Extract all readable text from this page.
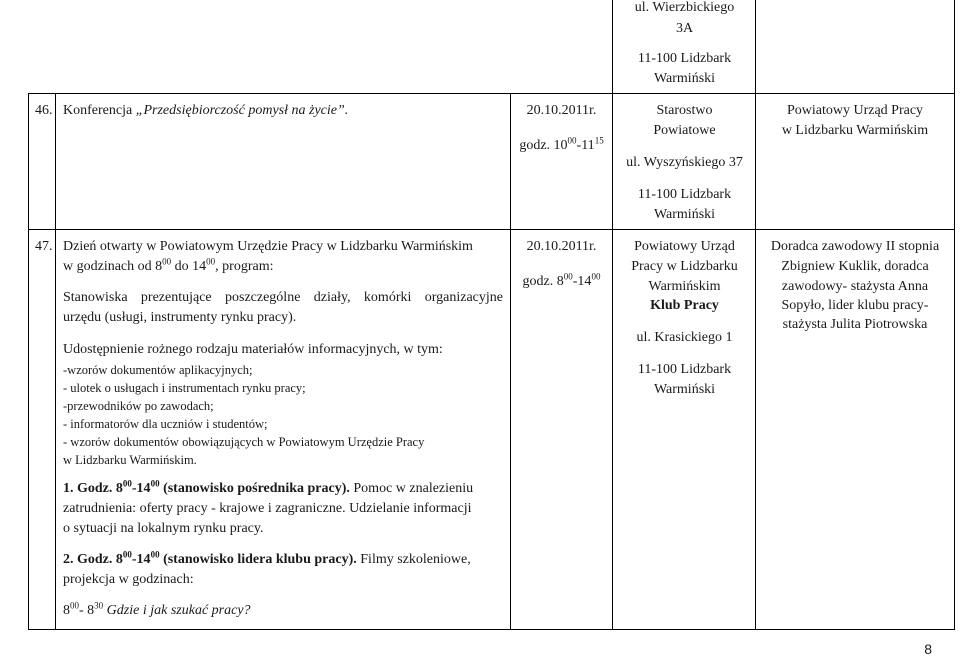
ul. Wierzbickiego
3A
11-100 Lidzbark
Warmiński
46. Konferencja „Przedsiębiorczość pomysł na życie”.	20.10.2011r.
godz. $10^{00}-11^{15}$
Starostwo
Powiatowe
ul. Wyszyńskiego 37
11-100 Lidzbark
Warmiński
Powiatowy Urząd Pracy
w Lidzbarku Warmińskim
47. Dzień otwarty w Powiatowym Urzędzie Pracy w Lidzbarku Warmińskim
w godzinach od $8^{00}$ do $14^{00}$, program:
Stanowiska prezentujące poszczególne działy, komórki organizacyjne
urzędu (usługi, instrumenty rynku pracy).
Udostępnienie rożnego rodzaju materiałów informacyjnych, w tym:
-wzorów dokumentów aplikacyjnych;
- ulotek o usługach i instrumentach rynku pracy;
-przewodników po zawodach;
- informatorów dla uczniów i studentów;
- wzorów dokumentów obowiązujących w Powiatowym Urzędzie Pracy
w Lidzbarku Warmińskim.
1. Godz. $8^{00}-14^{00}$ (stanowisko pośrednika pracy). Pomoc w znalezieniu
zatrudnienia: oferty pracy - krajowe i zagraniczne. Udzielanie informacji
o sytuacji na lokalnym rynku pracy.
2. Godz. $8^{00}-14^{00}$ (stanowisko lidera klubu pracy). Filmy szkoleniowe,
projekcja w godzinach:
$8^{00}-$ $8^{30}$ Gdzie i jak szukać pracy?
20.10.2011r.
godz. $8^{00}-14^{00}$
Powiatowy Urząd
Pracy w Lidzbarku
Warmińskim
Klub Pracy
ul. Krasickiego 1
11-100 Lidzbark
Warmiński
Doradca zawodowy II stopnia
Zbigniew Kuklik, doradca
zawodowy- stażysta Anna
Sopyło, lider klubu pracy-
stażysta Julita Piotrowska
8
